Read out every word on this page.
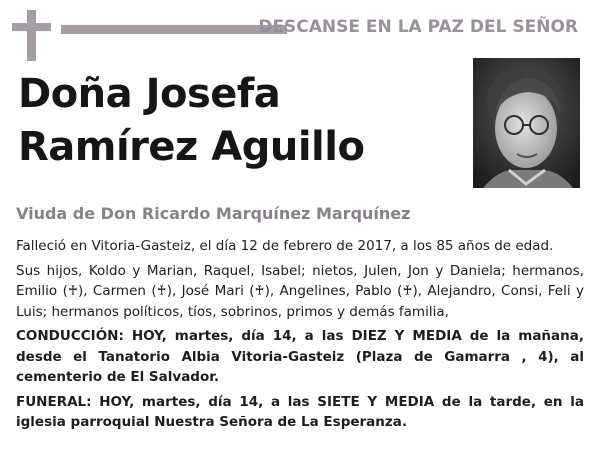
DESCANSE EN LA PAZ DEL SEÑOR
Doña Josefa
Ramírez Aguillo
Viuda de Don Ricardo Marquínez Marquínez

Falleció en Vitoria-Gasteiz, el día 12 de febrero de 2017, a los 85 años de edad.

Sus hijos, Koldo y Marian, Raquel, Isabel; nietos, Julen, Jon y Daniela; hermanos, Emilio (♰), Carmen (♰), José Mari (♰), Angelines, Pablo (♰), Alejandro, Consi, Feli y Luis; hermanos políticos, tíos, sobrinos, primos y demás familia,

CONDUCCIÓN: HOY, martes, día 14, a las DIEZ Y MEDIA de la mañana, desde el Tanatorio Albia Vitoria-Gasteiz (Plaza de Gamarra , 4), al cementerio de El Salvador.

FUNERAL: HOY, martes, día 14, a las SIETE Y MEDIA de la tarde, en la iglesia parroquial Nuestra Señora de La Esperanza.
